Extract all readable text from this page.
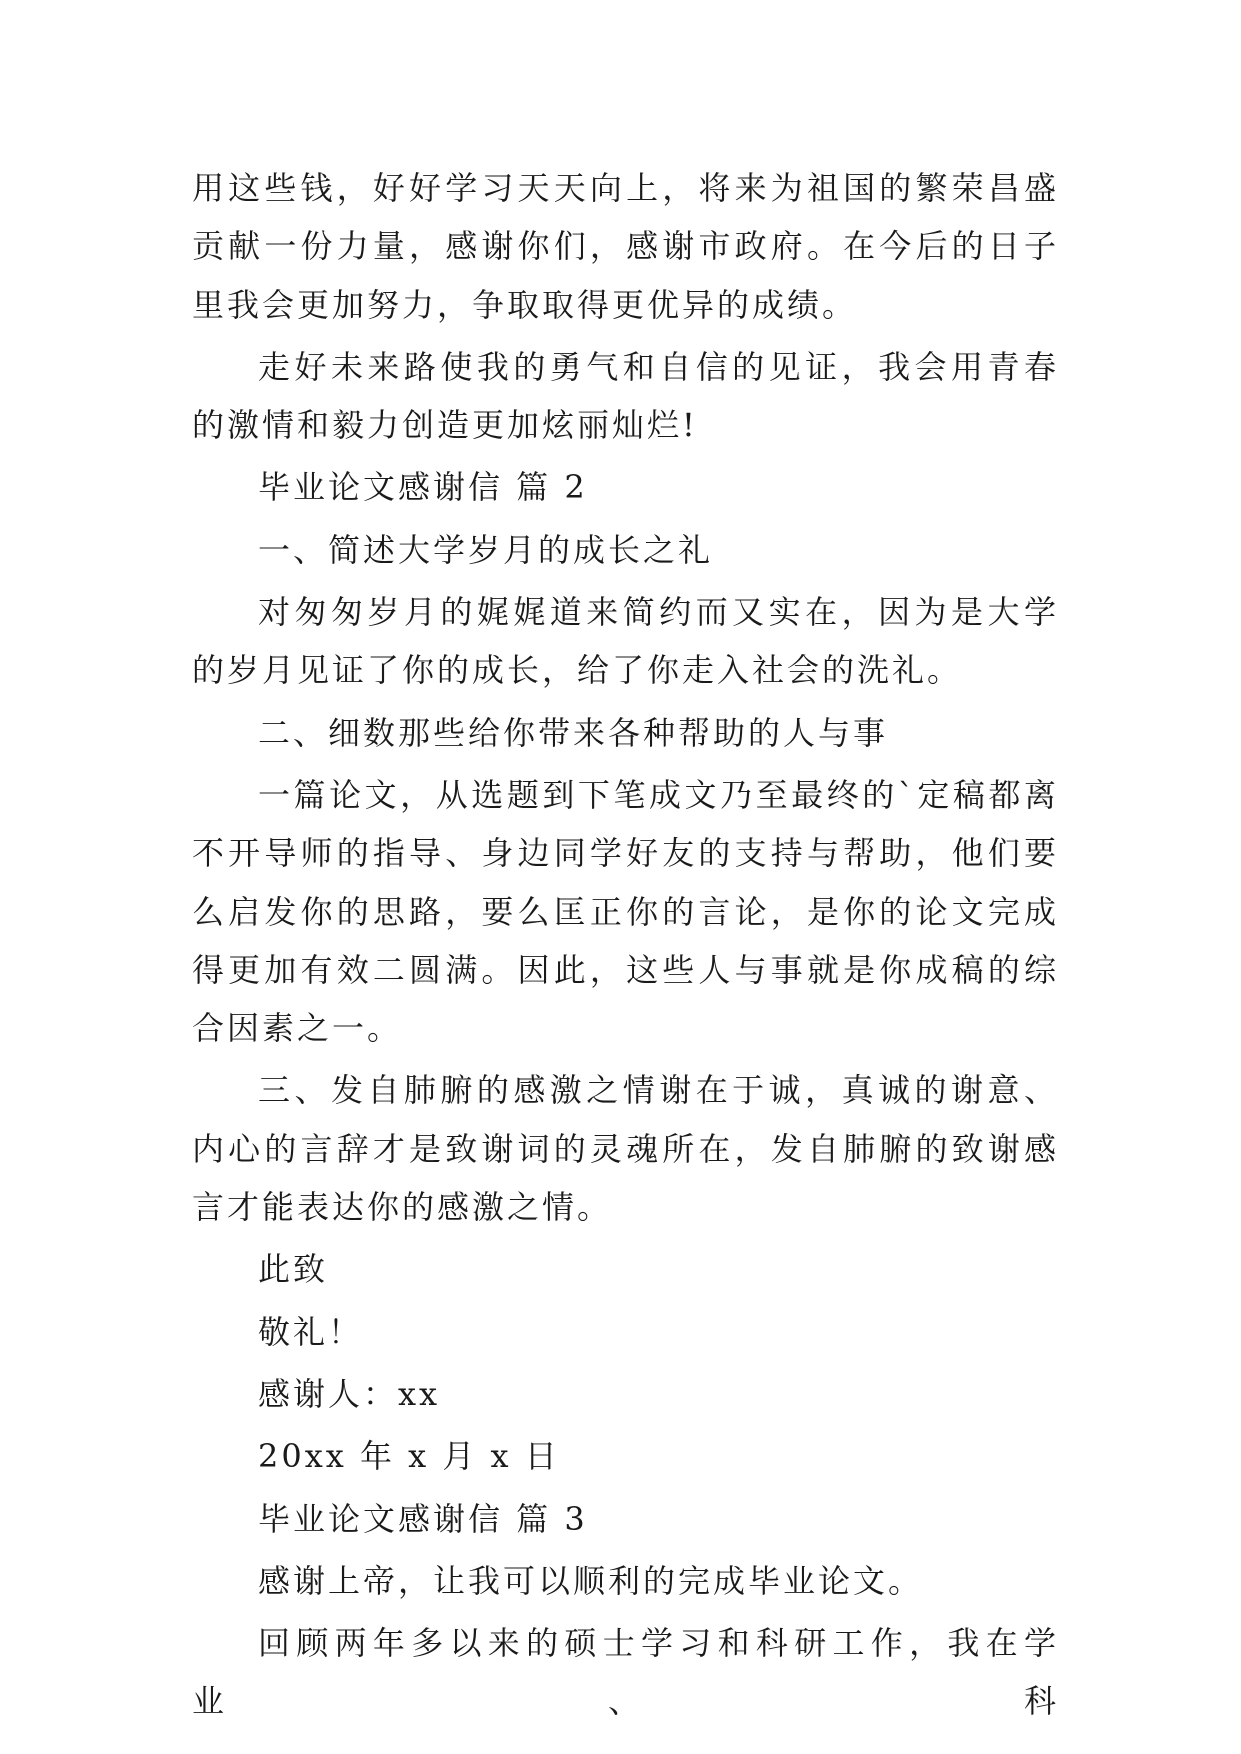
用这些钱，好好学习天天向上，将来为祖国的繁荣昌盛贡献一份力量，感谢你们，感谢市政府。在今后的日子里我会更加努力，争取取得更优异的成绩。

走好未来路使我的勇气和自信的见证，我会用青春的激情和毅力创造更加炫丽灿烂!

毕业论文感谢信 篇 2

一、简述大学岁月的成长之礼

对匆匆岁月的娓娓道来简约而又实在，因为是大学的岁月见证了你的成长，给了你走入社会的洗礼。

二、细数那些给你带来各种帮助的人与事

一篇论文，从选题到下笔成文乃至最终的`定稿都离不开导师的指导、身边同学好友的支持与帮助，他们要么启发你的思路，要么匡正你的言论，是你的论文完成得更加有效二圆满。因此，这些人与事就是你成稿的综合因素之一。

三、发自肺腑的感激之情谢在于诚，真诚的谢意、内心的言辞才是致谢词的灵魂所在，发自肺腑的致谢感言才能表达你的感激之情。

此致

敬礼！

感谢人：xx

20xx 年 x 月 x 日

毕业论文感谢信 篇 3

感谢上帝，让我可以顺利的完成毕业论文。

回顾两年多以来的硕士学习和科研工作，我在学业、科
